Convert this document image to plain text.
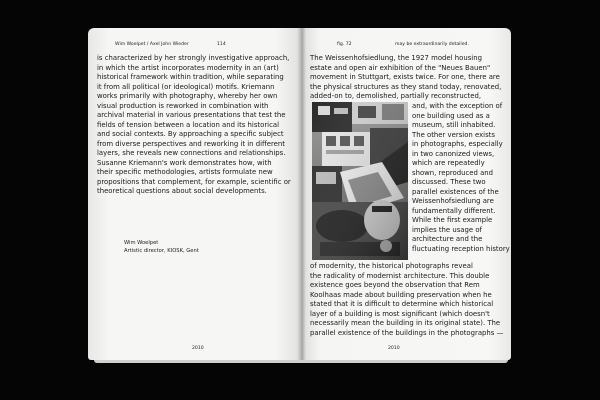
Wim Woelpet / Axel John Wieder	114
is characterized by her strongly investigative approach,
in which the artist incorporates modernity in an (art)
historical framework within tradition, while separating
it from all political (or ideological) motifs. Kriemann
works primarily with photography, whereby her own
visual production is reworked in combination with
archival material in various presentations that test the
fields of tension between a location and its historical
and social contexts. By approaching a specific subject
from diverse perspectives and reworking it in different
layers, she reveals new connections and relationships.
Susanne Kriemann's work demonstrates how, with
their specific methodologies, artists formulate new
propositions that complement, for example, scientific or
theoretical questions about social developments.
Wim Woelpet
Artistic director, KIOSK, Gent
2010
fig. 72	may be extraordinarily detailed.
The Weissenhofsiedlung, the 1927 model housing
estate and open air exhibition of the "Neues Bauen"
movement in Stuttgart, exists twice. For one, there are
the physical structures as they stand today, renovated,
added-on to, demolished, partially reconstructed,
and, with the exception of
one building used as a
museum, still inhabited.
The other version exists
in photographs, especially
in two canonized views,
which are repeatedly
shown, reproduced and
discussed. These two
parallel existences of the
Weissenhofsiedlung are
fundamentally different.
While the first example
implies the usage of
architecture and the
fluctuating reception history
of modernity, the historical photographs reveal
the radicality of modernist architecture. This double
existence goes beyond the observation that Rem
Koolhaas made about building preservation when he
stated that it is difficult to determine which historical
layer of a building is most significant (which doesn't
necessarily mean the building in its original state). The
parallel existence of the buildings in the photographs —
2010
